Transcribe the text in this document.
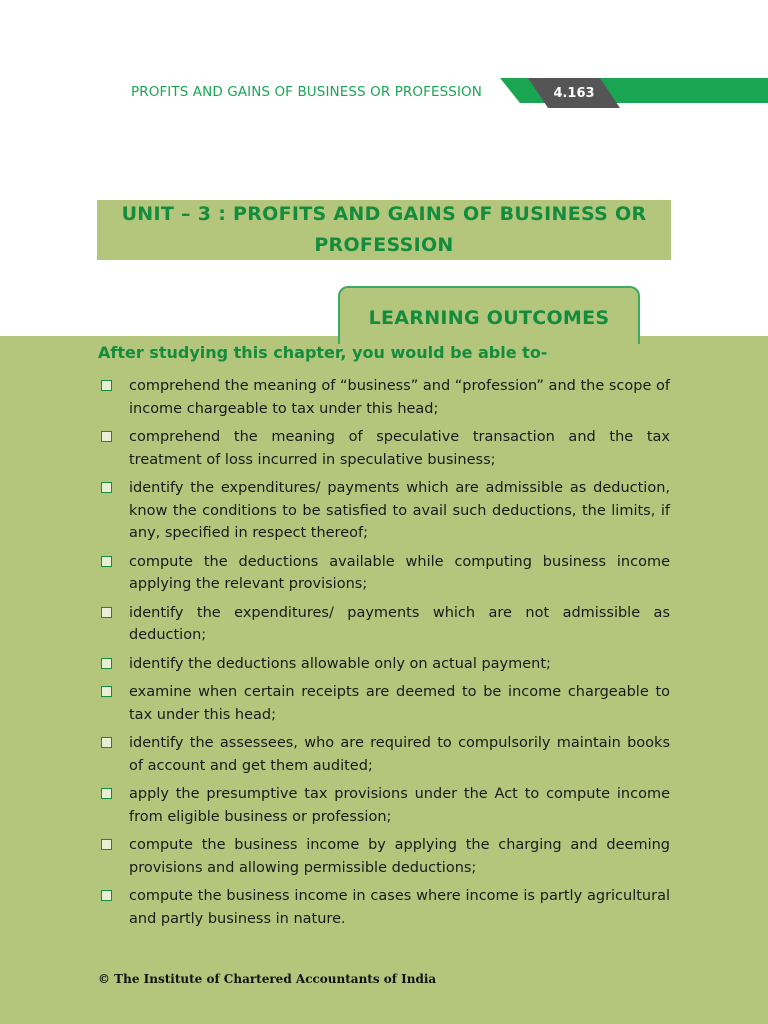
PROFITS AND GAINS OF BUSINESS OR PROFESSION	4.163
UNIT – 3 : PROFITS AND GAINS OF BUSINESS OR
PROFESSION
LEARNING OUTCOMES
After studying this chapter, you would be able to-
comprehend the meaning of “business” and “profession” and the scope of income chargeable to tax under this head;
comprehend the meaning of speculative transaction and the tax treatment of loss incurred in speculative business;
identify the expenditures/ payments which are admissible as deduction, know the conditions to be satisfied to avail such deductions, the limits, if any, specified in respect thereof;
compute the deductions available while computing business income applying the relevant provisions;
identify the expenditures/ payments which are not admissible as deduction;
identify the deductions allowable only on actual payment;
examine when certain receipts are deemed to be income chargeable to tax under this head;
identify the assessees, who are required to compulsorily maintain books of account and get them audited;
apply the presumptive tax provisions under the Act to compute income from eligible business or profession;
compute the business income by applying the charging and deeming provisions and allowing permissible deductions;
compute the business income in cases where income is partly agricultural and partly business in nature.
© The Institute of Chartered Accountants of India
